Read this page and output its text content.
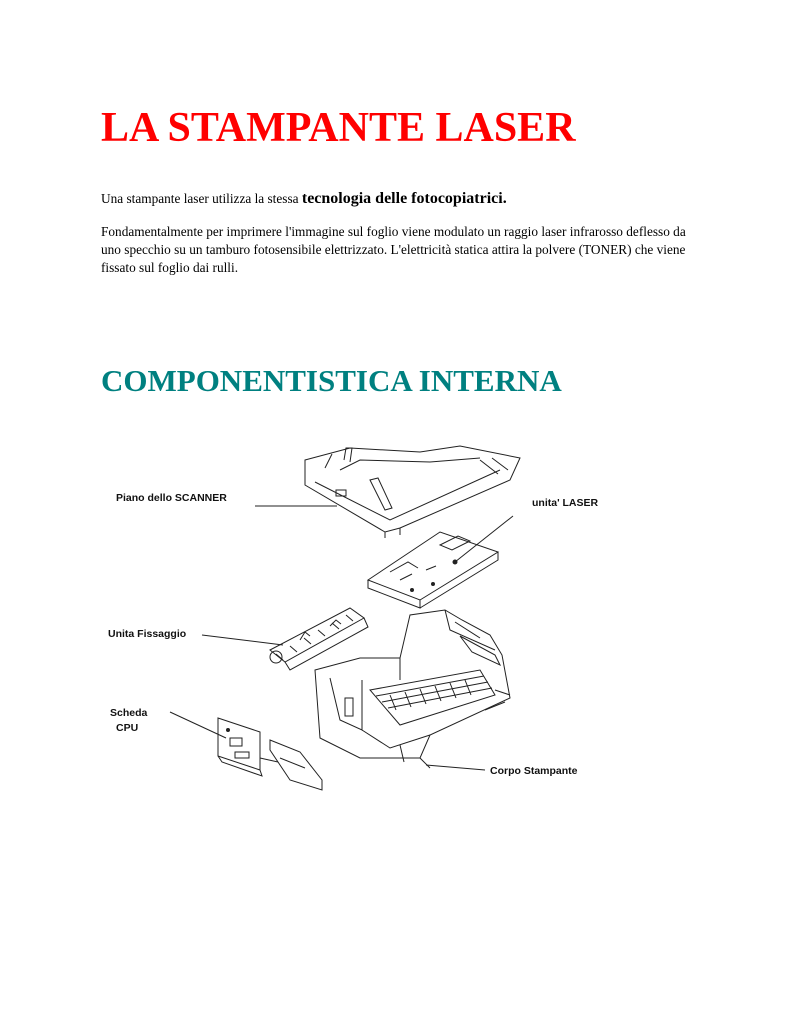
LA STAMPANTE LASER

Una stampante laser utilizza la stessa tecnologia delle fotocopiatrici.

Fondamentalmente per imprimere l'immagine sul foglio viene modulato un raggio laser infrarosso deflesso da uno specchio su un tamburo fotosensibile elettrizzato. L'elettricità statica attira la polvere (TONER) che viene fissato sul foglio dai rulli.

COMPONENTISTICA INTERNA
Piano dello SCANNER	unita' LASER
Unita Fissaggio
Scheda
CPU
Corpo Stampante
